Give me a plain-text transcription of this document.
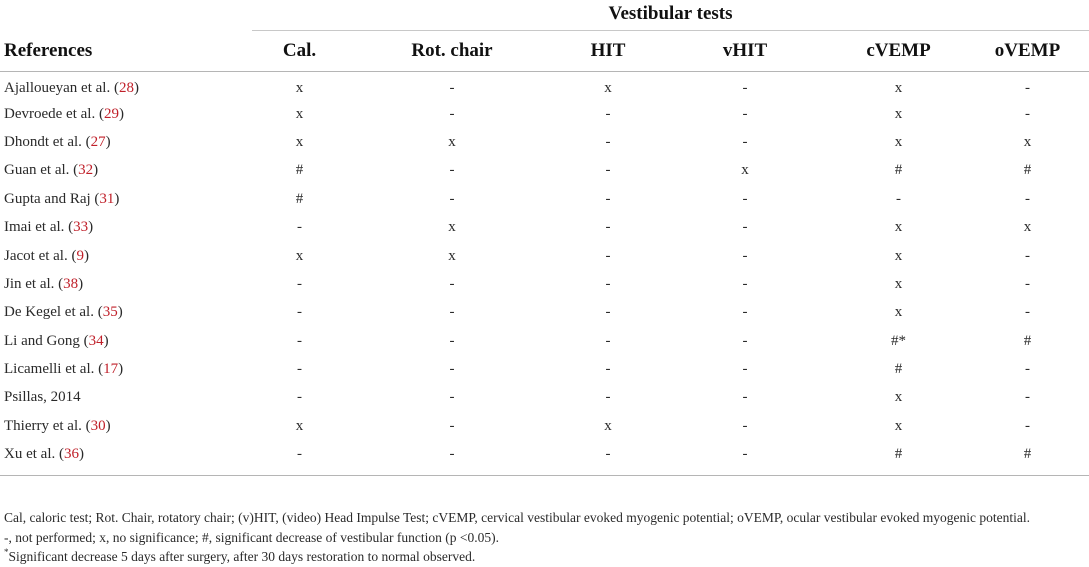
	Vestibular tests					
References	Cal.	Rot. chair	HIT	vHIT	cVEMP	oVEMP
Ajalloueyan et al. (28)	x	-	x	-	x	-
Devroede et al. (29)	x	-	-	-	x	-
Dhondt et al. (27)	x	x	-	-	x	x
Guan et al. (32)	#	-	-	x	#	#
Gupta and Raj (31)	#	-	-	-	-	-
Imai et al. (33)	-	x	-	-	x	x
Jacot et al. (9)	x	x	-	-	x	-
Jin et al. (38)	-	-	-	-	x	-
De Kegel et al. (35)	-	-	-	-	x	-
Li and Gong (34)	-	-	-	-	#*	#
Licamelli et al. (17)	-	-	-	-	#	-
Psillas, 2014	-	-	-	-	x	-
Thierry et al. (30)	x	-	x	-	x	-
Xu et al. (36)	-	-	-	-	#	#

Cal, caloric test; Rot. Chair, rotatory chair; (v)HIT, (video) Head Impulse Test; cVEMP, cervical vestibular evoked myogenic potential; oVEMP, ocular vestibular evoked myogenic potential.

-, not performed; x, no significance; #, significant decrease of vestibular function (p <0.05).

*Significant decrease 5 days after surgery, after 30 days restoration to normal observed.
